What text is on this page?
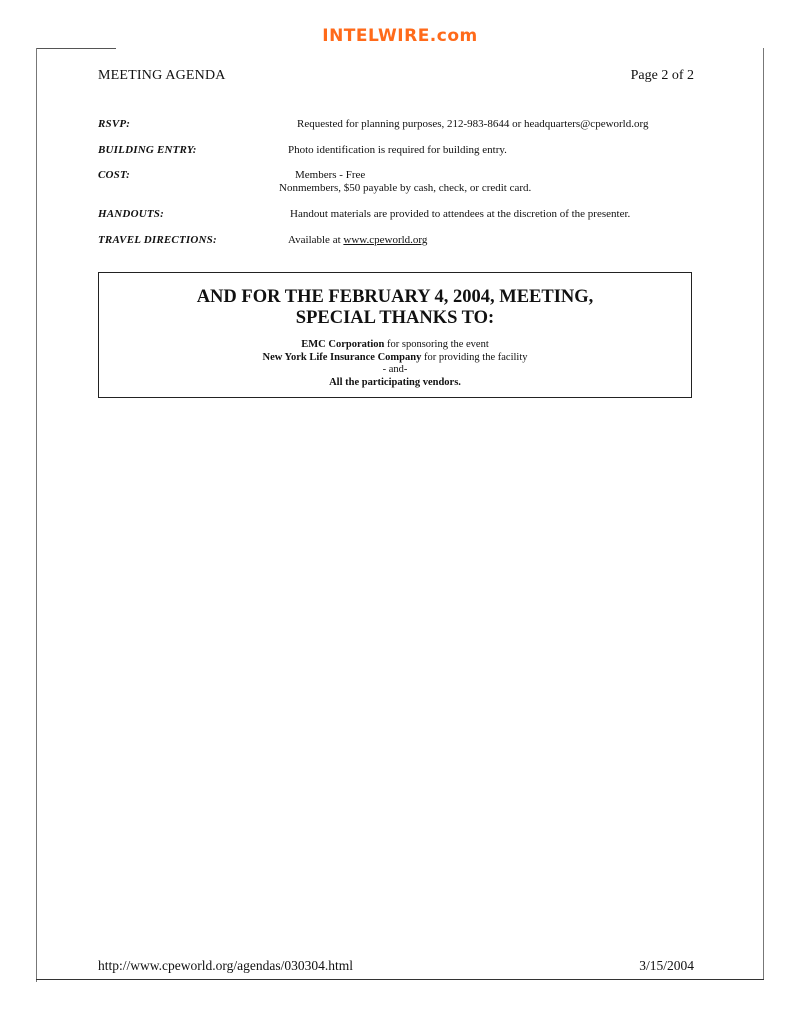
INTELWIRE.com
MEETING AGENDA	Page 2 of 2
RSVP:	Requested for planning purposes, 212-983-8644 or headquarters@cpeworld.org
BUILDING ENTRY:	Photo identification is required for building entry.
COST:	Members - Free
Nonmembers, $50 payable by cash, check, or credit card.
HANDOUTS:	Handout materials are provided to attendees at the discretion of the presenter.
TRAVEL DIRECTIONS:	Available at www.cpeworld.org
AND FOR THE FEBRUARY 4, 2004, MEETING,
SPECIAL THANKS TO:
EMC Corporation for sponsoring the event
New York Life Insurance Company for providing the facility
- and-
All the participating vendors.
http://www.cpeworld.org/agendas/030304.html	3/15/2004
